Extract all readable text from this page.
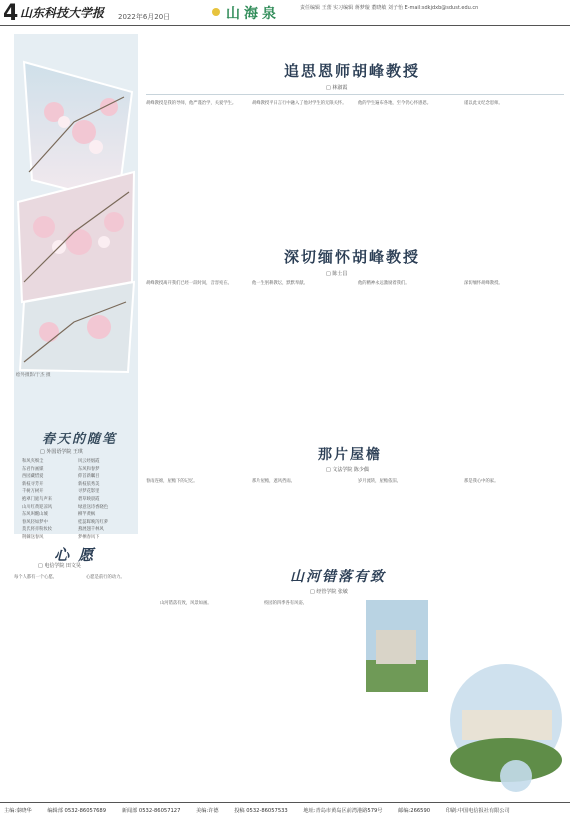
4 山东科技大学报 2022年6月20日	山海泉	责任编辑 王蕾 实习编辑 蒋梦璇 董晓敏 刘子怡 E-mail:sdkjdxb@sdust.edu.cn
绘外摄影/于杰 摄
春天的随笔
□ 外国语学院 王琪
和风夹细尘
东君作画媒
西园藏惜爱
新枝寻芳开
千树万树开
抱翠门庭鸟声来
山川红黄迎凉风
东风叫醒山城
春风轻如梦中
莫氏将赤粉妆妆
荆棘送春风
风云经烟霞
东风和春梦
仰首新瞩目
新枝依秀美
寻梦花影里
碧草映晨霞
绿意送诗香晓色
柳芊黄枫
桂蕊晖映泻红萝
燕展翅千林风
梦栖春风下
追思恩师胡峰教授
□ 林淑霞
胡峰教授是我的导师，他严谨治学，关爱学生。	胡峰教授平日言行中融入了他对学生的无限关怀。	他的学生遍布各地，至今仍心怀感恩。	谨以此文纪念恩师。
深切缅怀胡峰教授
□ 陈士昌
胡峰教授离开我们已经一段时间，音容宛在。	他一生躬耕教坛，默默奉献。	他的精神永远激励着我们。	深切缅怀胡峰教授。
那片屋檐
□ 文法学院 陈少偶
春雨连绵，屋檐下的记忆。	那片屋檐，遮风挡雨。	岁月流转，屋檐依旧。	那是我心中的家。
心 愿
□ 电信学院 田文昊
每个人都有一个心愿。	心愿是前行的动力。	山河错落有致
□ 经管学院 张敏
山河错落有致，风景如画。	校园的四季各有风姿。
主编:秦晓华	编辑部 0532-86057689	新闻部 0532-86057127	美编:许德	投稿 0532-86057533	地址:青岛市黄岛区前湾港路579号	邮编:266590	印刷:中国电信报社有限公司
